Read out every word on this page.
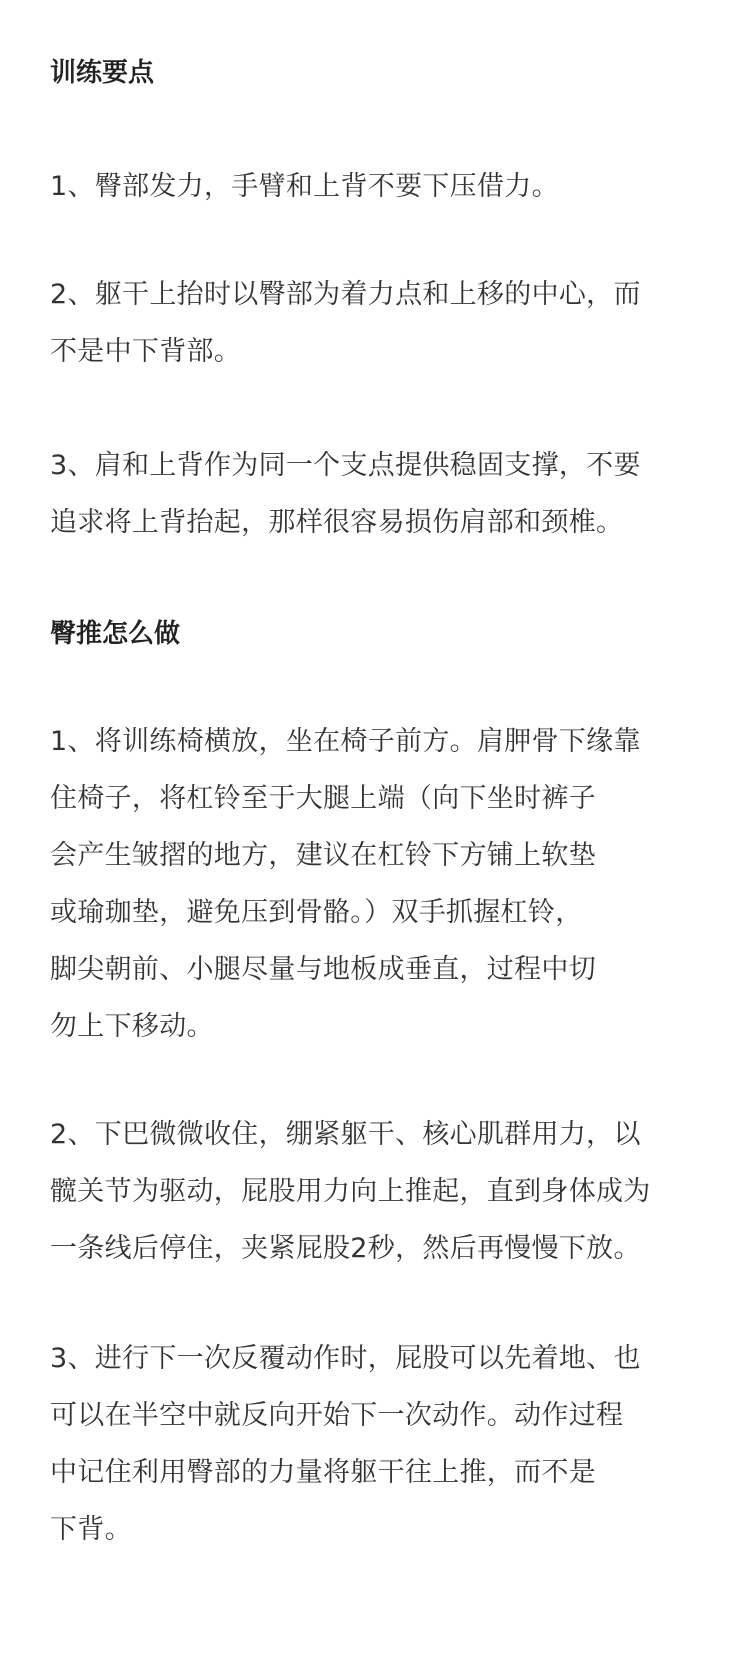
训练要点
1、臀部发力，手臂和上背不要下压借力。
2、躯干上抬时以臀部为着力点和上移的中心，而
不是中下背部。
3、肩和上背作为同一个支点提供稳固支撑，不要
追求将上背抬起，那样很容易损伤肩部和颈椎。
臀推怎么做
1、将训练椅横放，坐在椅子前方。肩胛骨下缘靠
住椅子，将杠铃至于大腿上端（向下坐时裤子
会产生皱摺的地方，建议在杠铃下方铺上软垫
或瑜珈垫，避免压到骨骼。）双手抓握杠铃，
脚尖朝前、小腿尽量与地板成垂直，过程中切
勿上下移动。
2、下巴微微收住，绷紧躯干、核心肌群用力，以
髋关节为驱动，屁股用力向上推起，直到身体成为
一条线后停住，夹紧屁股2秒，然后再慢慢下放。
3、进行下一次反覆动作时，屁股可以先着地、也
可以在半空中就反向开始下一次动作。动作过程
中记住利用臀部的力量将躯干往上推，而不是
下背。
